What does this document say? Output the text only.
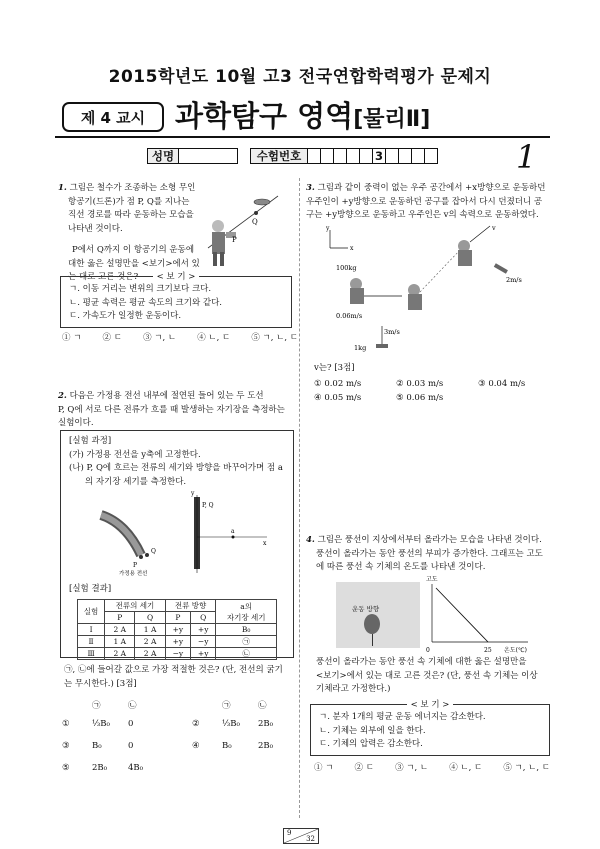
2015학년도 10월 고3 전국연합학력평가 문제지
제 4 교시	과학탐구 영역[물리Ⅱ]
성명	수험번호	3	1
1. 그림은 철수가 조종하는 소형 무인
항공기(드론)가 점 P, Q를 지나는
직선 경로를 따라 운동하는 모습을
나타낸 것이다.
P에서 Q까지 이 항공기의 운동에
대한 옳은 설명만을 <보기>에서 있
는 대로 고른 것은?
Q
P
< 보 기 >
ㄱ. 이동 거리는 변위의 크기보다 크다.
ㄴ. 평균 속력은 평균 속도의 크기와 같다.
ㄷ. 가속도가 일정한 운동이다.
① ㄱ ② ㄷ ③ ㄱ, ㄴ ④ ㄴ, ㄷ ⑤ ㄱ, ㄴ, ㄷ
2. 다음은 가정용 전선 내부에 절연된 들어 있는 두 도선
P, Q에 서로 다른 전류가 흐를 때 발생하는 자기장을 측정하는
실험이다.
[실험 과정]
(가) 가정용 전선을 y축에 고정한다.
(나) P, Q에 흐르는 전류의 세기와 방향을 바꾸어가며 점 a
의 자기장 세기를 측정한다.
y
P, Q
a
x
P
Q
가정용 전선
[실험 결과]
실험	전류의 세기		전류 방향		a의
자기장 세기

	P	Q	P	Q	
Ⅰ	2 A	1 A	+y	+y	B₀
Ⅱ	1 A	2 A	+y	−y	㉠
Ⅲ	2 A	2 A	−y	+y	㉡
㉠, ㉡에 들어갈 값으로 가장 적절한 것은? (단, 전선의 굵기
는 무시한다.) [3점]
㉠	㉡	㉠	㉡
①	⅓B₀	0	②	⅓B₀	2B₀
③	B₀	0	④	B₀	2B₀
⑤	2B₀	4B₀
3. 그림과 같이 중력이 없는 우주 공간에서 +x방향으로 운동하던
우주인이 +y방향으로 운동하던 공구를 잡아서 다시 던졌더니 공
구는 +y방향으로 운동하고 우주인은 v의 속력으로 운동하였다.
y
x
100kg
0.06m/s
v
2m/s
3m/s
1kg
v는? [3점]
① 0.02 m/s	② 0.03 m/s	③ 0.04 m/s
④ 0.05 m/s	⑤ 0.06 m/s
4. 그림은 풍선이 지상에서부터 올라가는 모습을 나타낸 것이다.
풍선이 올라가는 동안 풍선의 부피가 증가한다. 그래프는 고도
에 따른 풍선 속 기체의 온도를 나타낸 것이다.
운동 방향
고도
0	25 온도(℃)
풍선이 올라가는 동안 풍선 속 기체에 대한 옳은 설명만을
<보기>에서 있는 대로 고른 것은? (단, 풍선 속 기체는 이상
기체라고 가정한다.)
< 보 기 >
ㄱ. 분자 1개의 평균 운동 에너지는 감소한다.
ㄴ. 기체는 외부에 일을 한다.
ㄷ. 기체의 압력은 감소한다.
① ㄱ ② ㄷ ③ ㄱ, ㄴ ④ ㄴ, ㄷ ⑤ ㄱ, ㄴ, ㄷ
9
32
